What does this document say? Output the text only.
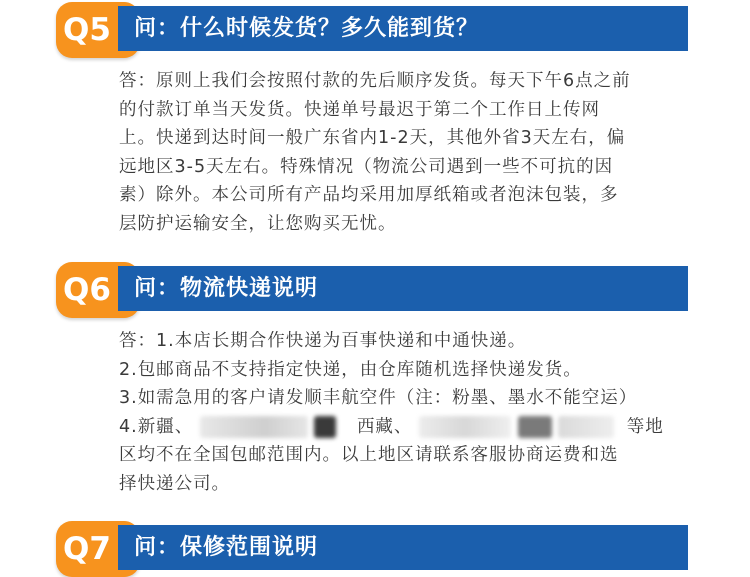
Q5	问：什么时候发货？多久能到货？
答：原则上我们会按照付款的先后顺序发货。每天下午6点之前
的付款订单当天发货。快递单号最迟于第二个工作日上传网
上。快递到达时间一般广东省内1-2天，其他外省3天左右，偏
远地区3-5天左右。特殊情况（物流公司遇到一些不可抗的因
素）除外。本公司所有产品均采用加厚纸箱或者泡沫包装，多
层防护运输安全，让您购买无忧。
Q6	问：物流快递说明
答：1.本店长期合作快递为百事快递和中通快递。
2.包邮商品不支持指定快递，由仓库随机选择快递发货。
3.如需急用的客户请发顺丰航空件（注：粉墨、墨水不能空运）
4.新疆、	西藏、	等地
区均不在全国包邮范围内。以上地区请联系客服协商运费和选
择快递公司。
Q7	问：保修范围说明
